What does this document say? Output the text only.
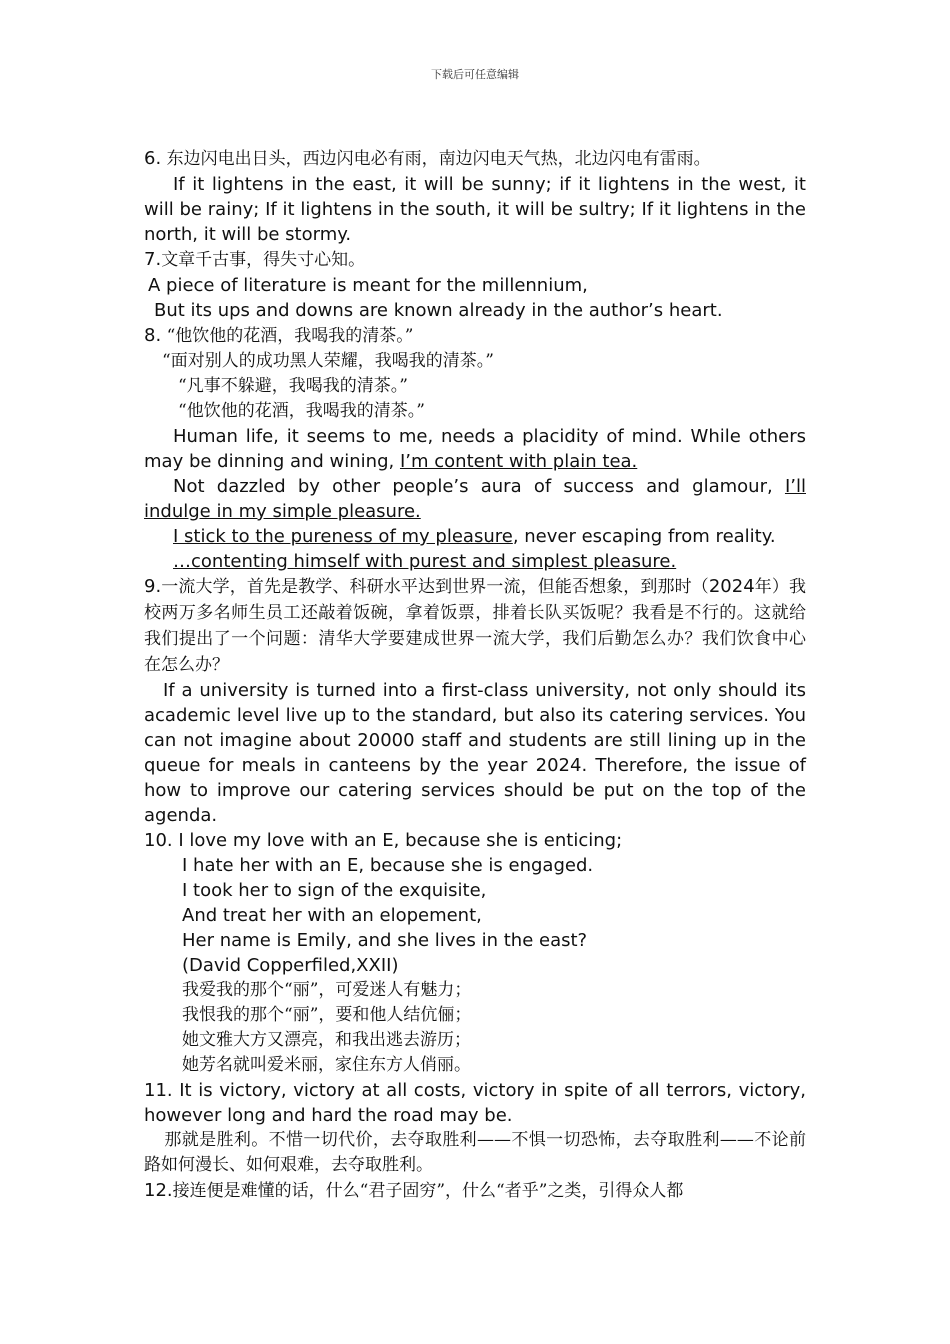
下载后可任意编辑
6. 东边闪电出日头，西边闪电必有雨，南边闪电天气热，北边闪电有雷雨。
If it lightens in the east, it will be sunny; if it lightens in the west, it will be rainy; If it lightens in the south, it will be sultry; If it lightens in the north, it will be stormy.
7.文章千古事，得失寸心知。
A piece of literature is meant for the millennium,
But its ups and downs are known already in the author’s heart.
8. “他饮他的花酒，我喝我的清茶。”
“面对别人的成功黑人荣耀，我喝我的清茶。”
“凡事不躲避，我喝我的清茶。”
“他饮他的花酒，我喝我的清茶。”
Human life, it seems to me, needs a placidity of mind. While others may be dinning and wining, I’m content with plain tea.
Not dazzled by other people’s aura of success and glamour, I’ll indulge in my simple pleasure.
I stick to the pureness of my pleasure, never escaping from reality.
…contenting himself with purest and simplest pleasure.
9.一流大学，首先是教学、科研水平达到世界一流，但能否想象，到那时（2024年）我校两万多名师生员工还敲着饭碗，拿着饭票，排着长队买饭呢？我看是不行的。这就给我们提出了一个问题：清华大学要建成世界一流大学，我们后勤怎么办？我们饮食中心在怎么办？
If a university is turned into a first-class university, not only should its academic level live up to the standard, but also its catering services. You can not imagine about 20000 staff and students are still lining up in the queue for meals in canteens by the year 2024. Therefore, the issue of how to improve our catering services should be put on the top of the agenda.
10. I love my love with an E, because she is enticing;
I hate her with an E, because she is engaged.
I took her to sign of the exquisite,
And treat her with an elopement,
Her name is Emily, and she lives in the east?
(David Copperfiled,XXII)
我爱我的那个“丽”，可爱迷人有魅力；
我恨我的那个“丽”，要和他人结伉俪；
她文雅大方又漂亮，和我出逃去游历；
她芳名就叫爱米丽，家住东方人俏丽。
11. It is victory, victory at all costs, victory in spite of all terrors, victory, however long and hard the road may be.
那就是胜利。不惜一切代价，去夺取胜利——不惧一切恐怖，去夺取胜利——不论前路如何漫长、如何艰难，去夺取胜利。
12.接连便是难懂的话，什么“君子固穷”，什么“者乎”之类，引得众人都
